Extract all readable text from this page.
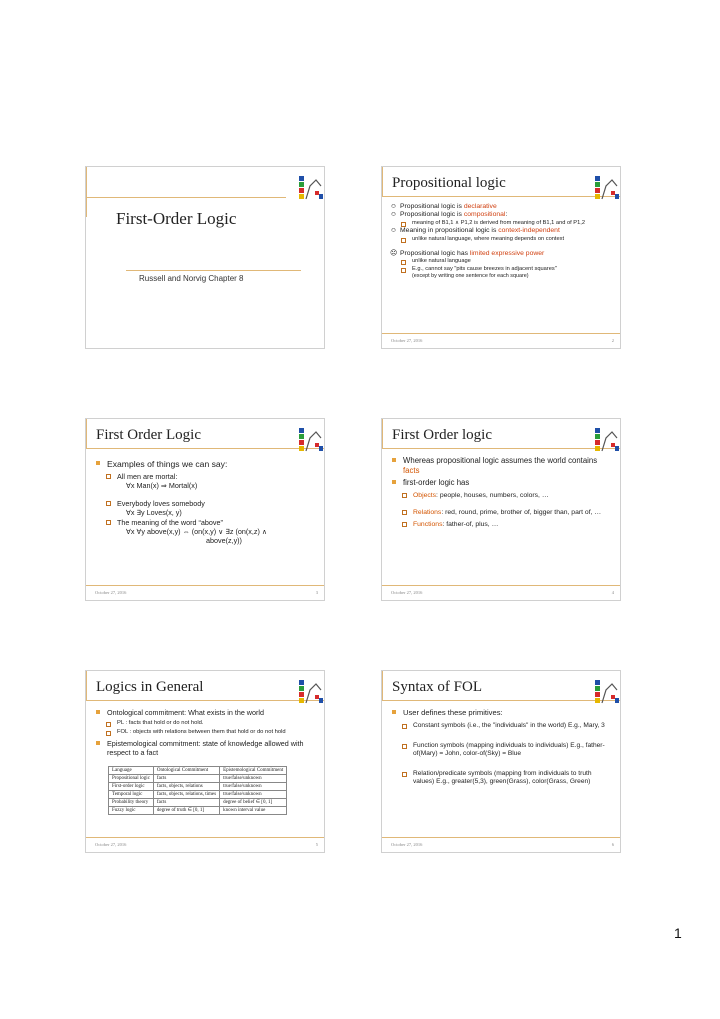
First-Order Logic
Russell and Norvig Chapter 8
Propositional logic
☺ Propositional logic is declarative
☺ Propositional logic is compositional:
meaning of B1,1 ∧ P1,2 is derived from meaning of B1,1 and of P1,2
☺ Meaning in propositional logic is context-independent
unlike natural language, where meaning depends on context
☹ Propositional logic has limited expressive power
unlike natural language
E.g., cannot say "pits cause breezes in adjacent squares"
(except by writing one sentence for each square)
October 27, 2016	2
First Order Logic
Examples of things we can say:
All men are mortal:
∀x Man(x) ⇒ Mortal(x)
Everybody loves somebody
∀x ∃y Loves(x, y)
The meaning of the word “above”
∀x ∀y above(x,y) ⇔ (on(x,y) ∨ ∃z (on(x,z) ∧
above(z,y))
October 27, 2016	3
First Order logic
Whereas propositional logic assumes the world contains facts
first-order logic has
Objects: people, houses, numbers, colors, …
Relations: red, round, prime, brother of, bigger than, part of, …
Functions: father-of, plus, …
October 27, 2016	4
Logics in General
Ontological commitment: What exists in the world
PL : facts that hold or do not hold.
FOL : objects with relations between them that hold or do not hold
Epistemological commitment: state of knowledge allowed with respect to a fact
Language	Ontological Commitment	Epistemological Commitment
Propositional logic	facts	true/false/unknown
First-order logic	facts, objects, relations	true/false/unknown
Temporal logic	facts, objects, relations, times	true/false/unknown
Probability theory	facts	degree of belief ∈ [0, 1]
Fuzzy logic	degree of truth ∈ [0, 1]	known interval value
October 27, 2016	5
Syntax of FOL
User defines these primitives:
Constant symbols (i.e., the "individuals" in the world) E.g., Mary, 3
Function symbols (mapping individuals to individuals) E.g., father-of(Mary) = John, color-of(Sky) = Blue
Relation/predicate symbols (mapping from individuals to truth values) E.g., greater(5,3), green(Grass), color(Grass, Green)
October 27, 2016	6
1
